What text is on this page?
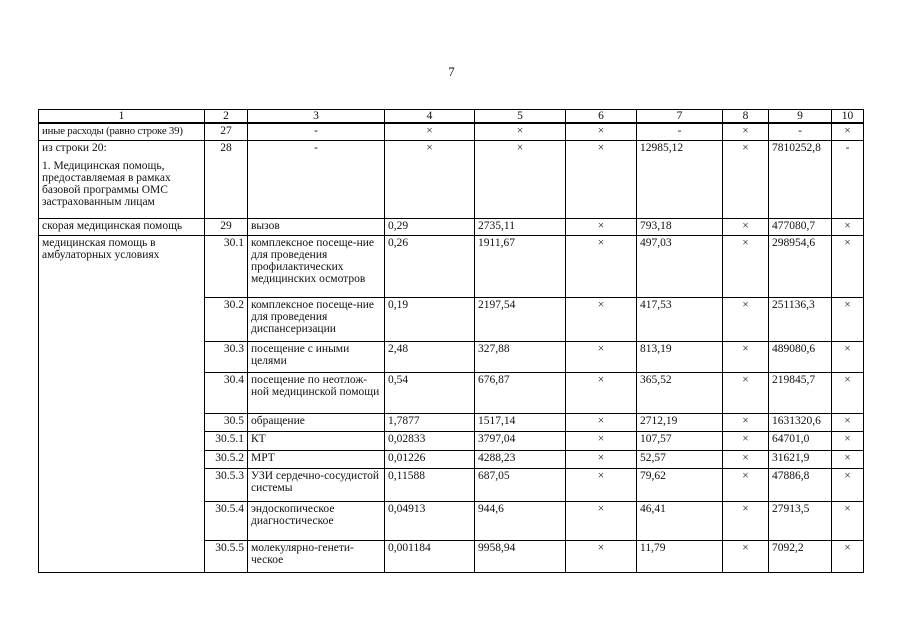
7
1	2	3	4	5	6	7	8	9	10
иные расходы (равно строке 39)	27	-	×	×	×	-	×	-	×

из строки 20:
1. Медицинская помощь, предоставляемая в рамках базовой программы ОМС застрахованным лицам	28	-	×	×	×	12985,12	×	7810252,8	-
скорая медицинская помощь	29	вызов	0,29	2735,11	×	793,18	×	477080,7	×
медицинская помощь в амбулаторных условиях	30.1	комплексное посеще-ние для проведения профилактических медицинских осмотров	0,26	1911,67	×	497,03	×	298954,6	×
	30.2	комплексное посеще-ние для проведения диспансеризации	0,19	2197,54	×	417,53	×	251136,3	×
	30.3	посещение с иными целями	2,48	327,88	×	813,19	×	489080,6	×
	30.4	посещение по неотлож-ной медицинской помощи	0,54	676,87	×	365,52	×	219845,7	×
	30.5	обращение	1,7877	1517,14	×	2712,19	×	1631320,6	×
	30.5.1	КТ	0,02833	3797,04	×	107,57	×	64701,0	×
	30.5.2	МРТ	0,01226	4288,23	×	52,57	×	31621,9	×
	30.5.3	УЗИ сердечно-сосудистой системы	0,11588	687,05	×	79,62	×	47886,8	×
	30.5.4	эндоскопическое диагностическое	0,04913	944,6	×	46,41	×	27913,5	×
	30.5.5	молекулярно-генети-ческое	0,001184	9958,94	×	11,79	×	7092,2	×
